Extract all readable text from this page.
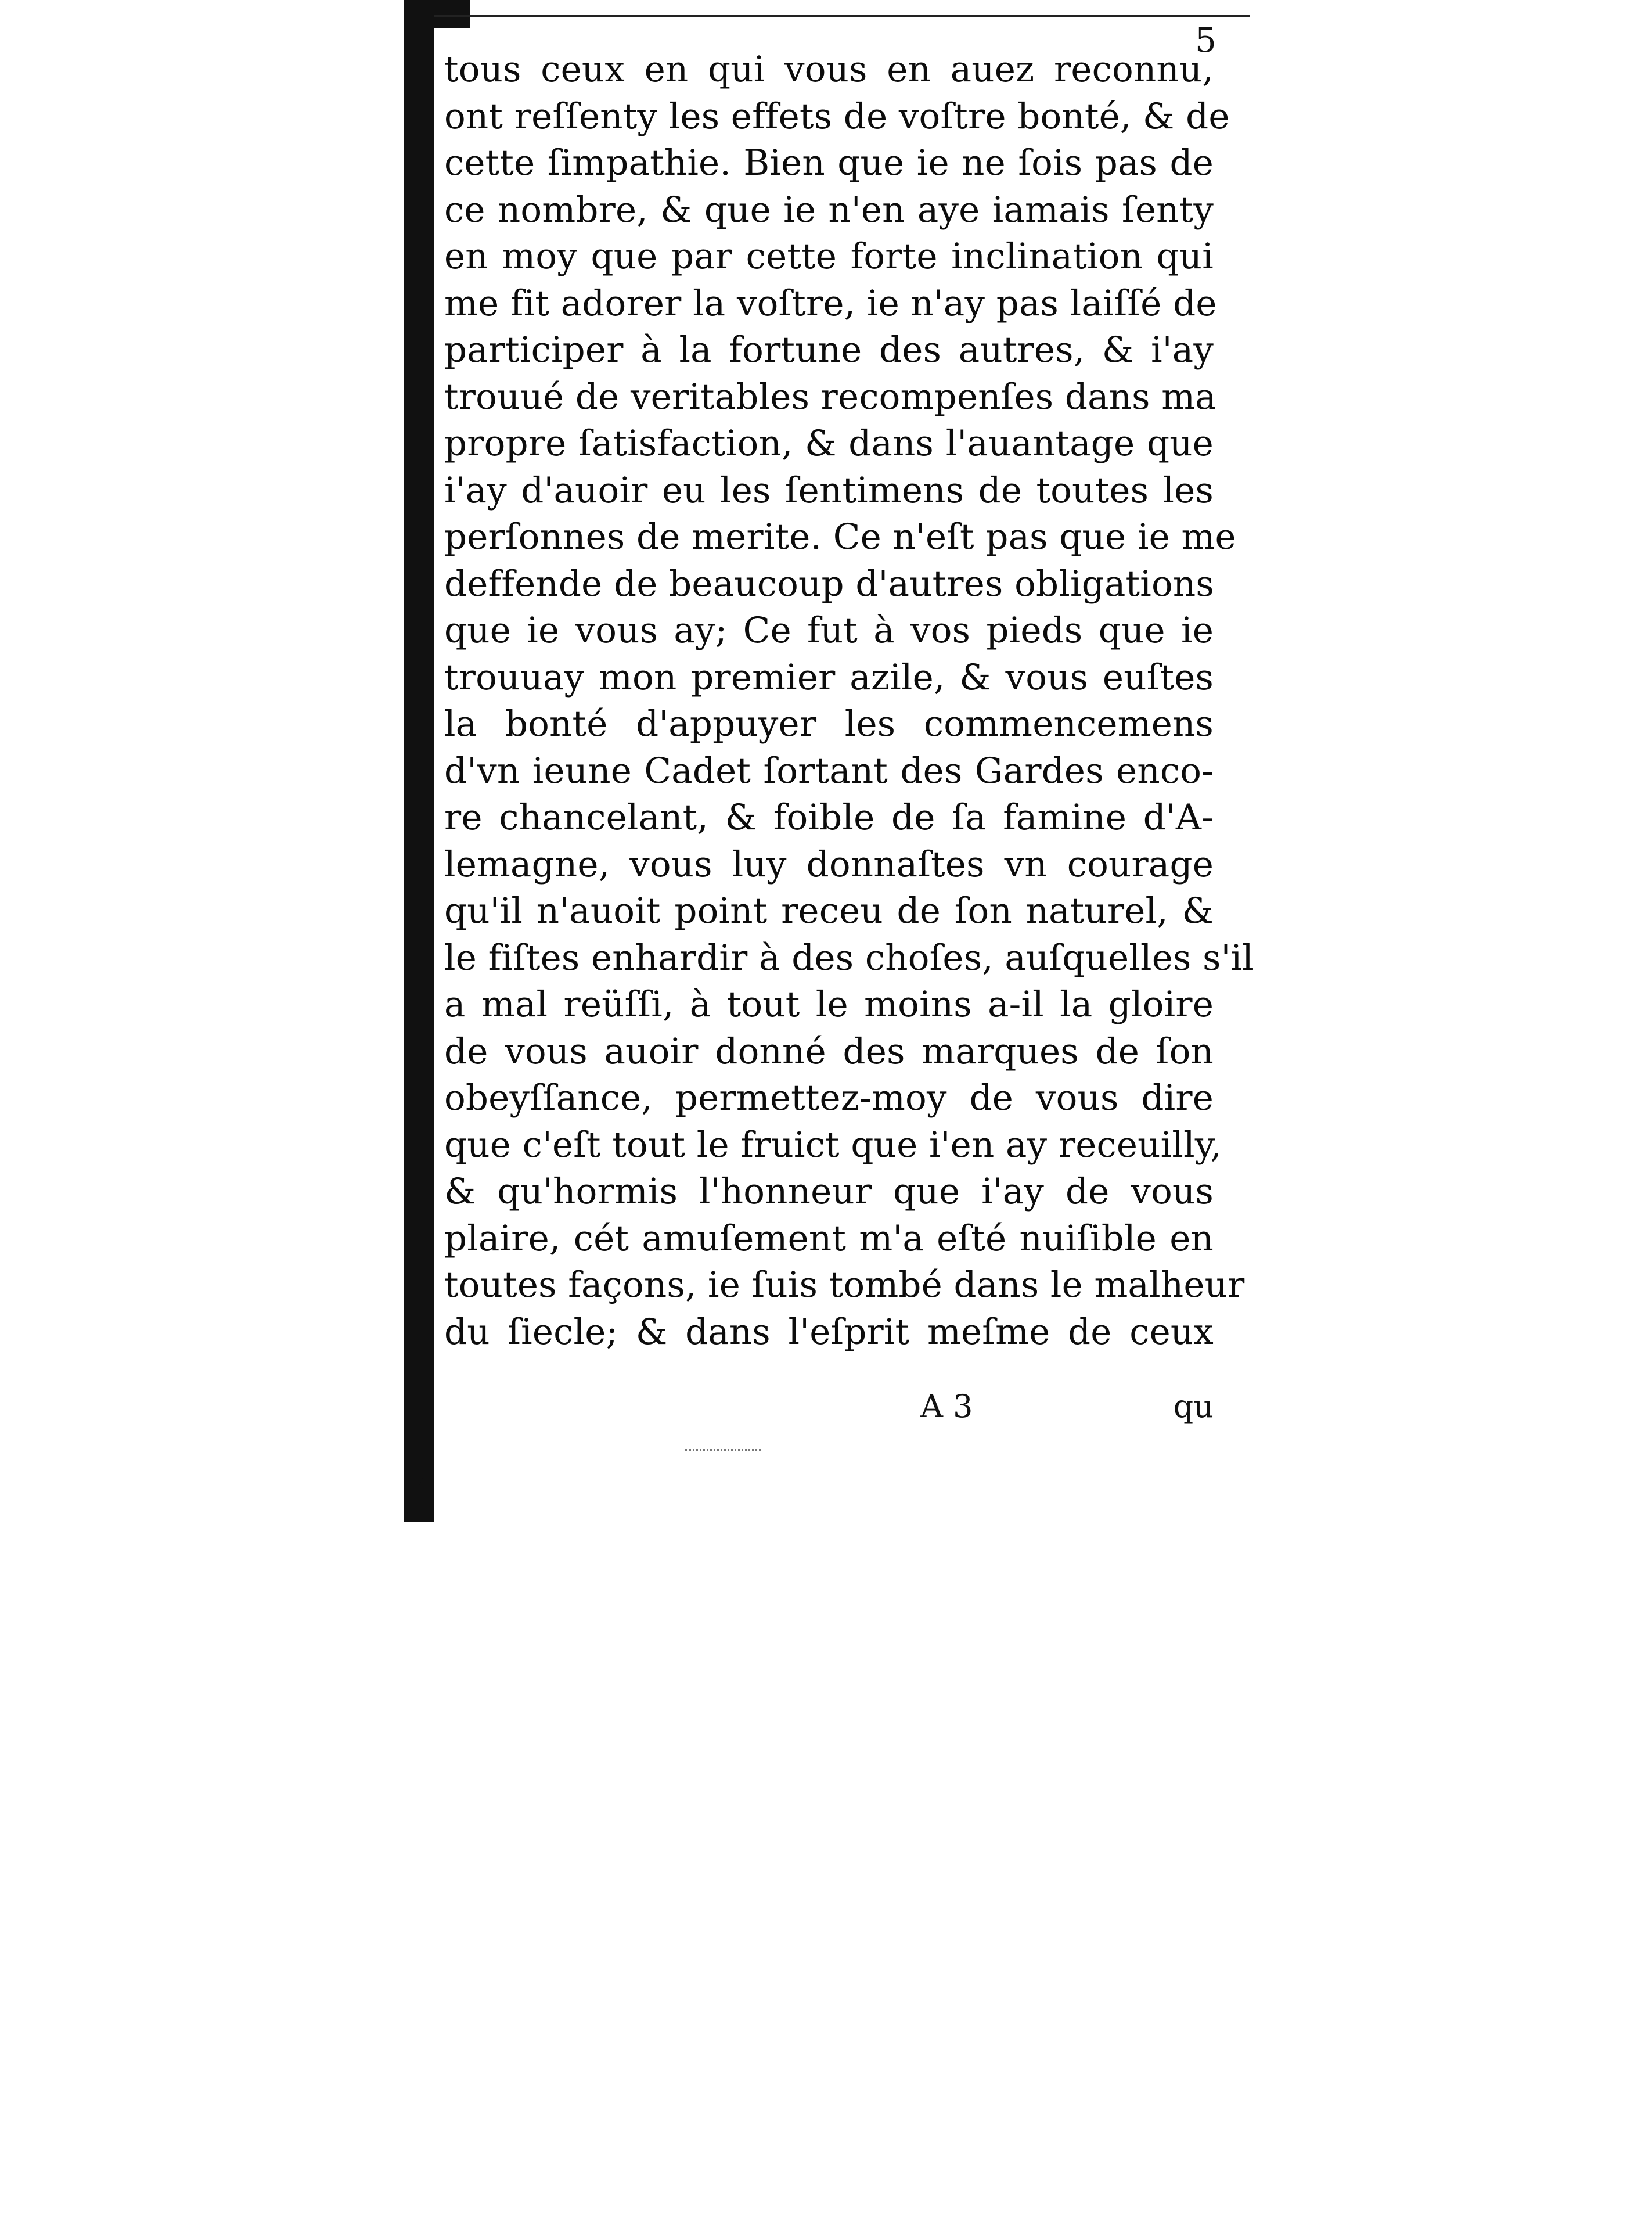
5
tous ceux en qui vous en auez reconnu,
ont reſſenty les effets de voſtre bonté, & de
cette ſimpathie. Bien que ie ne ſois pas de
ce nombre, & que ie n'en aye iamais ſenty
en moy que par cette forte inclination qui
me fit adorer la voſtre, ie n'ay pas laiſſé de
participer à la fortune des autres, & i'ay
trouué de veritables recompenſes dans ma
propre ſatisfaction, & dans l'auantage que
i'ay d'auoir eu les ſentimens de toutes les
perſonnes de merite. Ce n'eſt pas que ie me
deffende de beaucoup d'autres obligations
que ie vous ay; Ce fut à vos pieds que ie
trouuay mon premier azile, & vous euſtes
la bonté d'appuyer les commencemens
d'vn ieune Cadet ſortant des Gardes enco-
re chancelant, & foible de ſa famine d'A-
lemagne, vous luy donnaſtes vn courage
qu'il n'auoit point receu de ſon naturel, &
le fiſtes enhardir à des choſes, auſquelles s'il
a mal reüſſi, à tout le moins a-il la gloire
de vous auoir donné des marques de ſon
obeyſſance, permettez-moy de vous dire
que c'eſt tout le fruict que i'en ay receuilly,
& qu'hormis l'honneur que i'ay de vous
plaire, cét amuſement m'a eſté nuiſible en
toutes façons, ie ſuis tombé dans le malheur
du ſiecle; & dans l'eſprit meſme de ceux
A 3	qu
